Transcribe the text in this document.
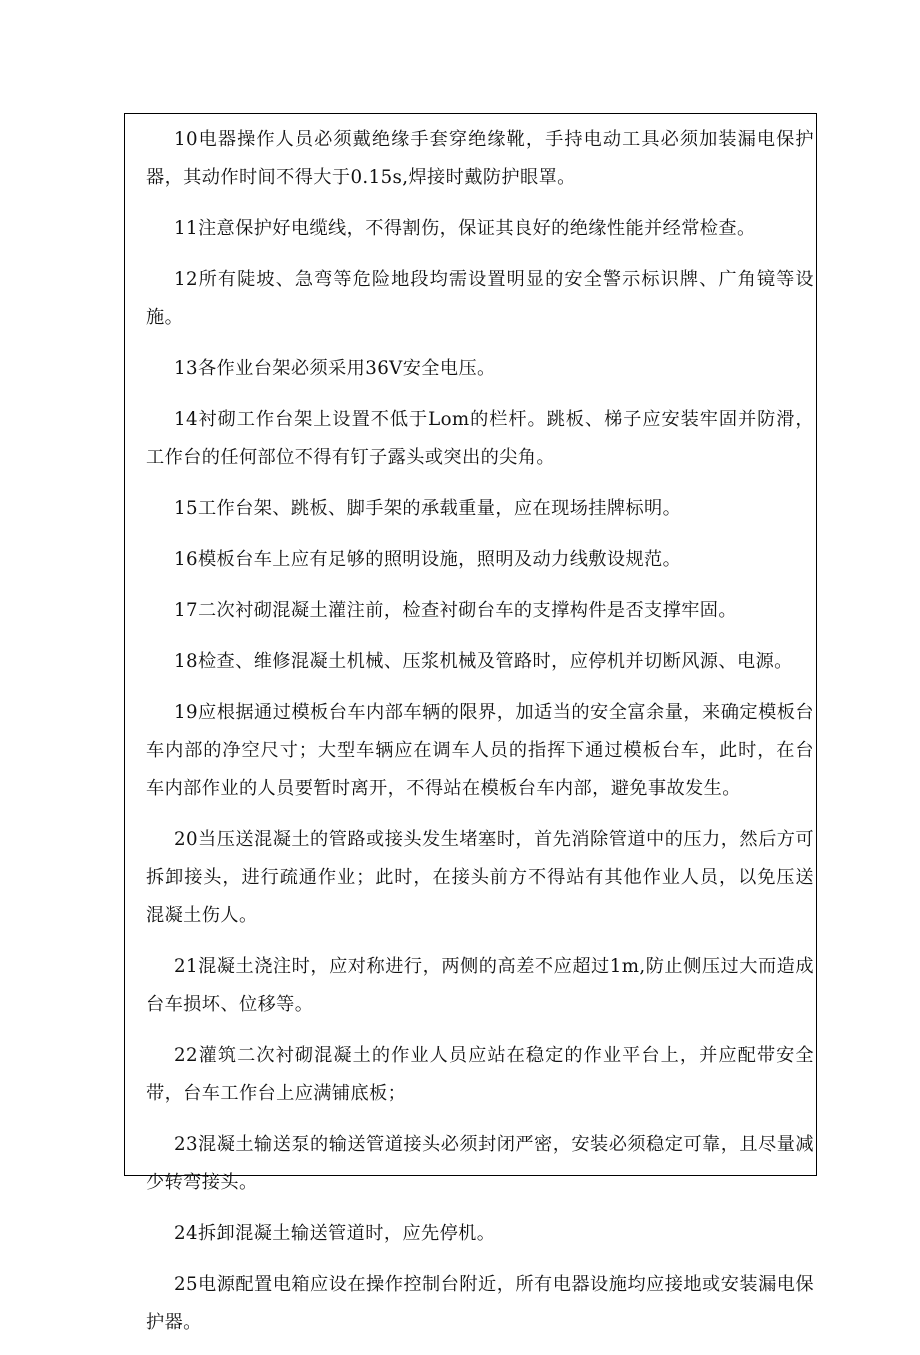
10电器操作人员必须戴绝缘手套穿绝缘靴，手持电动工具必须加装漏电保护器，其动作时间不得大于0.15s,焊接时戴防护眼罩。

11注意保护好电缆线，不得割伤，保证其良好的绝缘性能并经常检查。

12所有陡坡、急弯等危险地段均需设置明显的安全警示标识牌、广角镜等设施。

13各作业台架必须采用36V安全电压。

14衬砌工作台架上设置不低于Lom的栏杆。跳板、梯子应安装牢固并防滑，工作台的任何部位不得有钉子露头或突出的尖角。

15工作台架、跳板、脚手架的承载重量，应在现场挂牌标明。

16模板台车上应有足够的照明设施，照明及动力线敷设规范。

17二次衬砌混凝土灌注前，检查衬砌台车的支撑构件是否支撑牢固。

18检查、维修混凝土机械、压浆机械及管路时，应停机并切断风源、电源。

19应根据通过模板台车内部车辆的限界，加适当的安全富余量，来确定模板台车内部的净空尺寸；大型车辆应在调车人员的指挥下通过模板台车，此时，在台车内部作业的人员要暂时离开，不得站在模板台车内部，避免事故发生。

20当压送混凝土的管路或接头发生堵塞时，首先消除管道中的压力，然后方可拆卸接头，进行疏通作业；此时，在接头前方不得站有其他作业人员，以免压送混凝土伤人。

21混凝土浇注时，应对称进行，两侧的高差不应超过1m,防止侧压过大而造成台车损坏、位移等。

22灌筑二次衬砌混凝土的作业人员应站在稳定的作业平台上，并应配带安全带，台车工作台上应满铺底板；

23混凝土输送泵的输送管道接头必须封闭严密，安装必须稳定可靠，且尽量减少转弯接头。

24拆卸混凝土输送管道时，应先停机。

25电源配置电箱应设在操作控制台附近，所有电器设施均应接地或安装漏电保护器。
